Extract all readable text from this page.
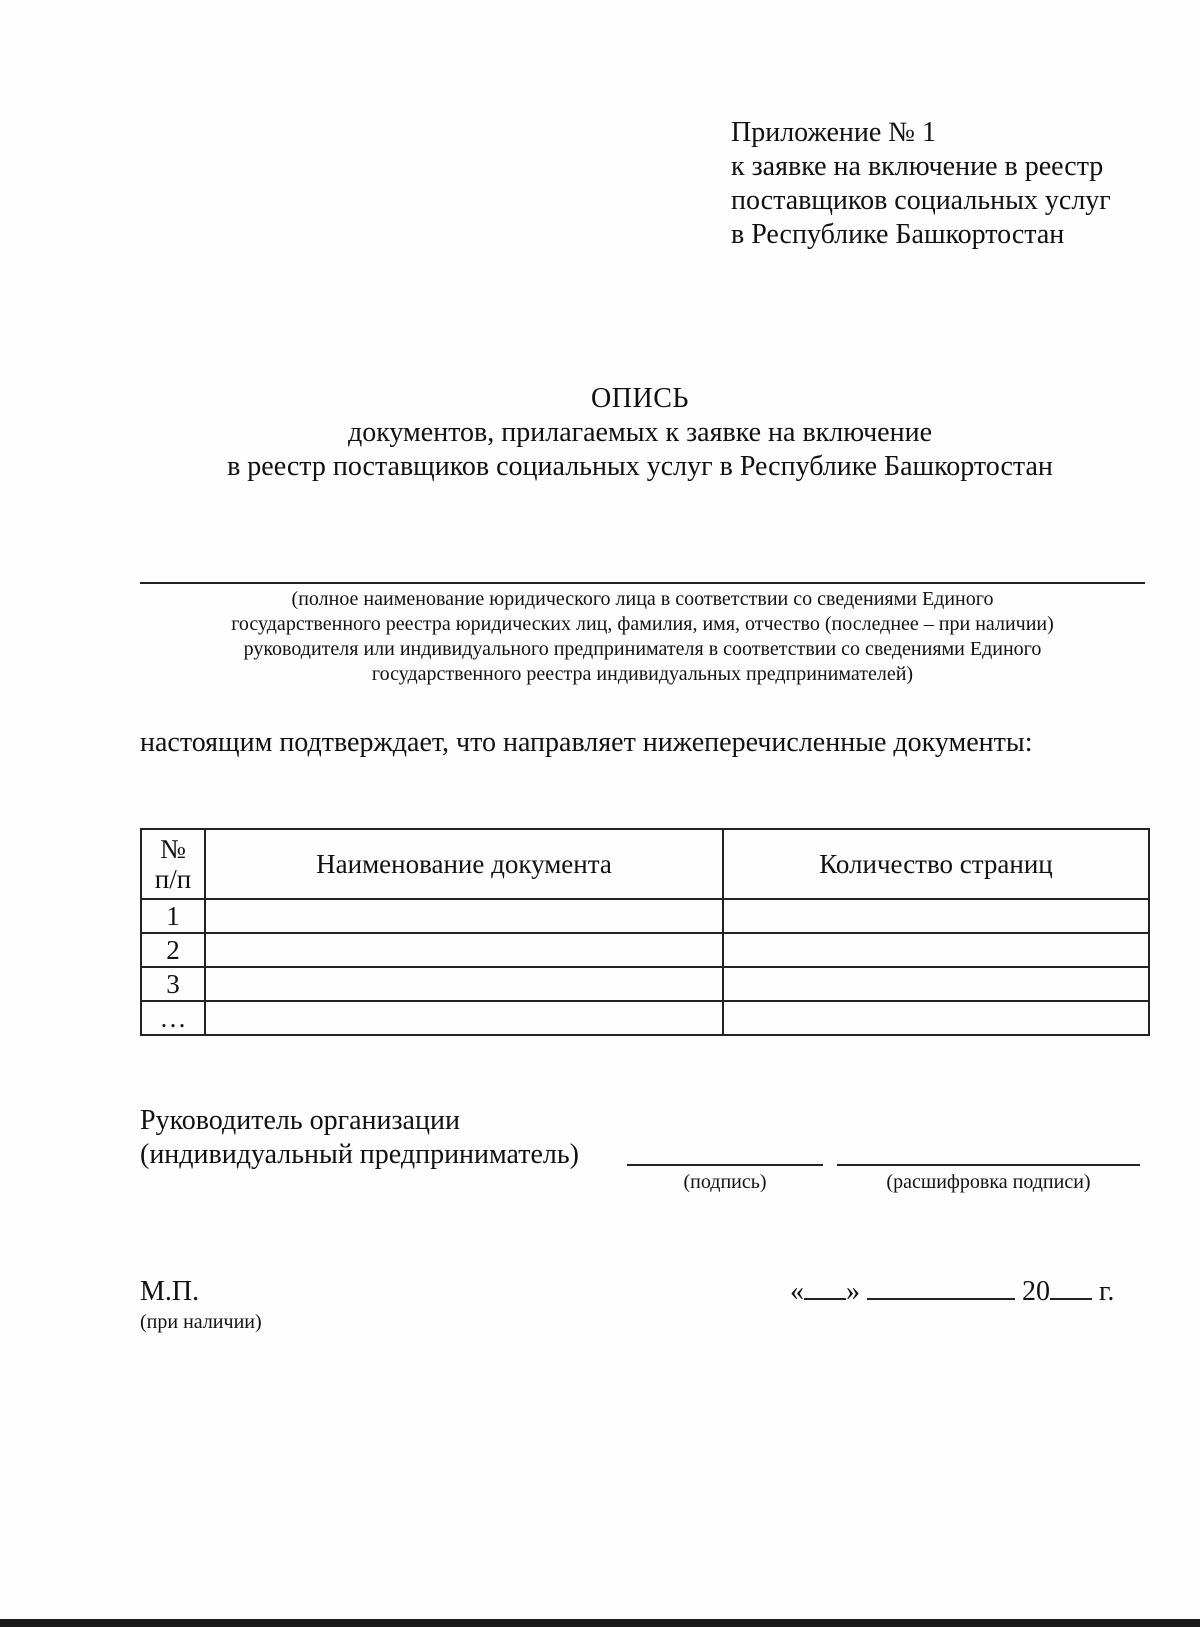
Приложение № 1
к заявке на включение в реестр
поставщиков социальных услуг
в Республике Башкортостан
ОПИСЬ
документов, прилагаемых к заявке на включение
в реестр поставщиков социальных услуг в Республике Башкортостан
(полное наименование юридического лица в соответствии со сведениями Единого
государственного реестра юридических лиц, фамилия, имя, отчество (последнее – при наличии)
руководителя или индивидуального предпринимателя в соответствии со сведениями Единого
государственного реестра индивидуальных предпринимателей)
настоящим подтверждает, что направляет нижеперечисленные документы:
№
п/п	Наименование документа	Количество страниц
1		
2		
3		
…		
Руководитель организации
(индивидуальный предприниматель)
(подпись)	(расшифровка подписи)
М.П.
(при наличии)
« »	20 г.
